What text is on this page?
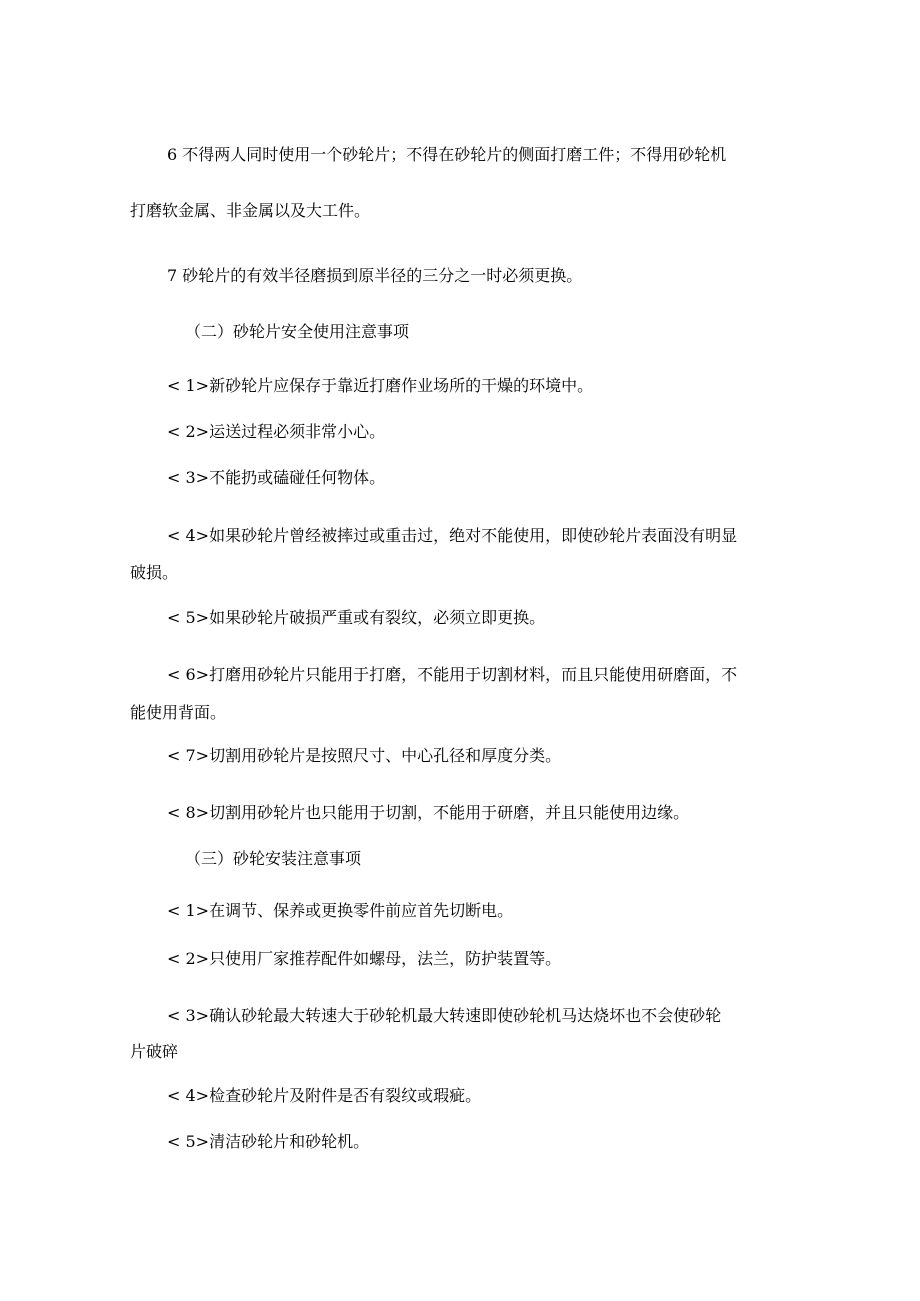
6 不得两人同时使用一个砂轮片；不得在砂轮片的侧面打磨工件；不得用砂轮机

打磨软金属、非金属以及大工件。

7 砂轮片的有效半径磨损到原半径的三分之一时必须更换。

（二）砂轮片安全使用注意事项

< 1>新砂轮片应保存于靠近打磨作业场所的干燥的环境中。

< 2>运送过程必须非常小心。

< 3>不能扔或磕碰任何物体。

< 4>如果砂轮片曾经被摔过或重击过，绝对不能使用，即使砂轮片表面没有明显

破损。

< 5>如果砂轮片破损严重或有裂纹，必须立即更换。

< 6>打磨用砂轮片只能用于打磨，不能用于切割材料，而且只能使用研磨面，不

能使用背面。

< 7>切割用砂轮片是按照尺寸、中心孔径和厚度分类。

< 8>切割用砂轮片也只能用于切割，不能用于研磨，并且只能使用边缘。

（三）砂轮安装注意事项

< 1>在调节、保养或更换零件前应首先切断电。

< 2>只使用厂家推荐配件如螺母，法兰，防护装置等。

< 3>确认砂轮最大转速大于砂轮机最大转速即使砂轮机马达烧坏也不会使砂轮

片破碎

< 4>检查砂轮片及附件是否有裂纹或瑕疵。

< 5>清洁砂轮片和砂轮机。
